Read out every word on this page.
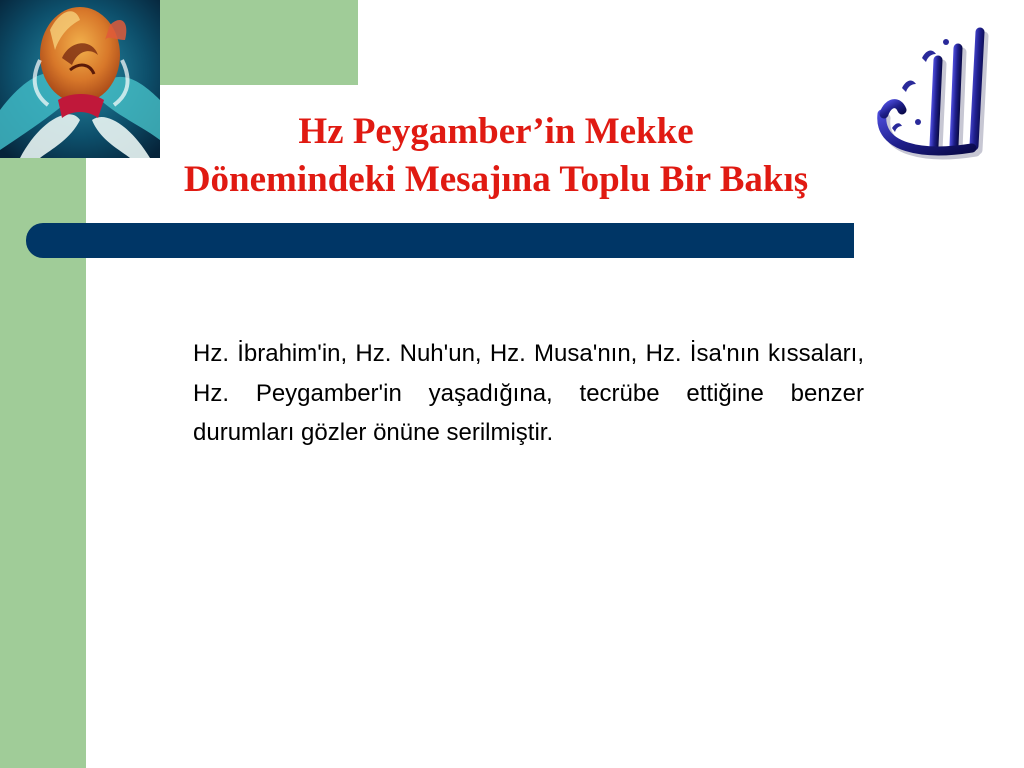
Hz Peygamber’in Mekke
Dönemindeki Mesajına Toplu Bir Bakış

Hz. İbrahim'in, Hz. Nuh'un, Hz. Musa'nın, Hz. İsa'nın kıssaları, Hz. Peygamber'in yaşadığına, tecrübe ettiğine benzer durumları gözler önüne serilmiştir.
